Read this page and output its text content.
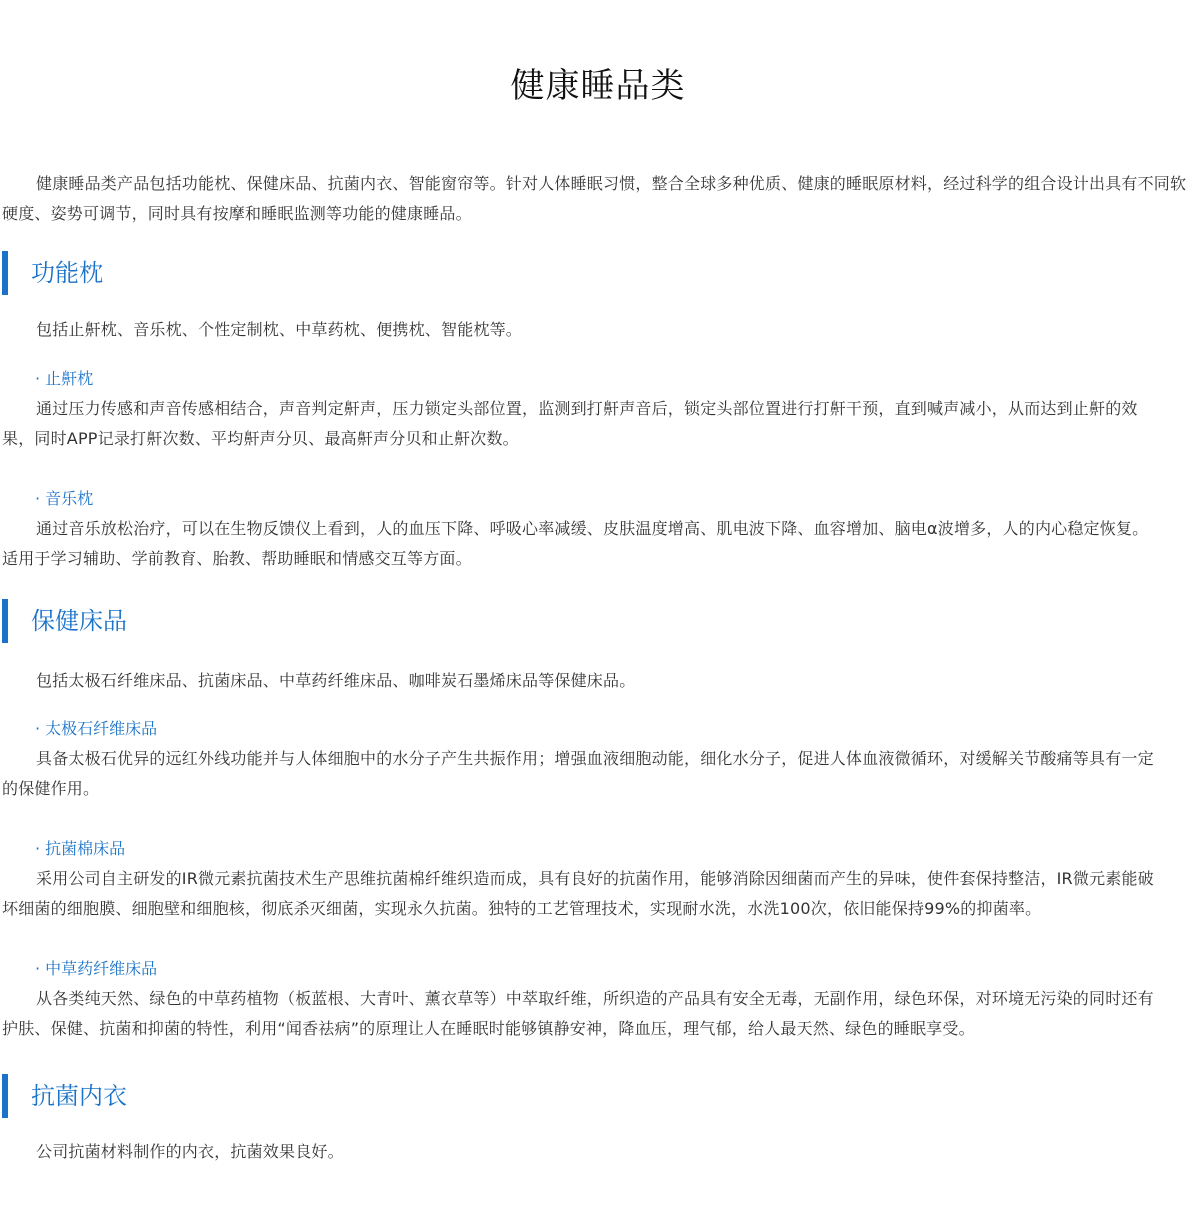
健康睡品类

健康睡品类产品包括功能枕、保健床品、抗菌内衣、智能窗帘等。针对人体睡眠习惯，整合全球多种优质、健康的睡眠原材料，经过科学的组合设计出具有不同软硬度、姿势可调节，同时具有按摩和睡眠监测等功能的健康睡品。

功能枕

包括止鼾枕、音乐枕、个性定制枕、中草药枕、便携枕、智能枕等。

· 止鼾枕

通过压力传感和声音传感相结合，声音判定鼾声，压力锁定头部位置，监测到打鼾声音后，锁定头部位置进行打鼾干预，直到喊声减小，从而达到止鼾的效果，同时APP记录打鼾次数、平均鼾声分贝、最高鼾声分贝和止鼾次数。

· 音乐枕

通过音乐放松治疗，可以在生物反馈仪上看到，人的血压下降、呼吸心率减缓、皮肤温度增高、肌电波下降、血容增加、脑电α波增多，人的内心稳定恢复。适用于学习辅助、学前教育、胎教、帮助睡眠和情感交互等方面。

保健床品

包括太极石纤维床品、抗菌床品、中草药纤维床品、咖啡炭石墨烯床品等保健床品。

· 太极石纤维床品

具备太极石优异的远红外线功能并与人体细胞中的水分子产生共振作用；增强血液细胞动能，细化水分子，促进人体血液微循环，对缓解关节酸痛等具有一定的保健作用。

· 抗菌棉床品

采用公司自主研发的IR微元素抗菌技术生产思维抗菌棉纤维织造而成，具有良好的抗菌作用，能够消除因细菌而产生的异味，使件套保持整洁，IR微元素能破坏细菌的细胞膜、细胞壁和细胞核，彻底杀灭细菌，实现永久抗菌。独特的工艺管理技术，实现耐水洗，水洗100次，依旧能保持99%的抑菌率。

· 中草药纤维床品

从各类纯天然、绿色的中草药植物（板蓝根、大青叶、薰衣草等）中萃取纤维，所织造的产品具有安全无毒，无副作用，绿色环保，对环境无污染的同时还有护肤、保健、抗菌和抑菌的特性，利用“闻香祛病”的原理让人在睡眠时能够镇静安神，降血压，理气郁，给人最天然、绿色的睡眠享受。

抗菌内衣

公司抗菌材料制作的内衣，抗菌效果良好。
